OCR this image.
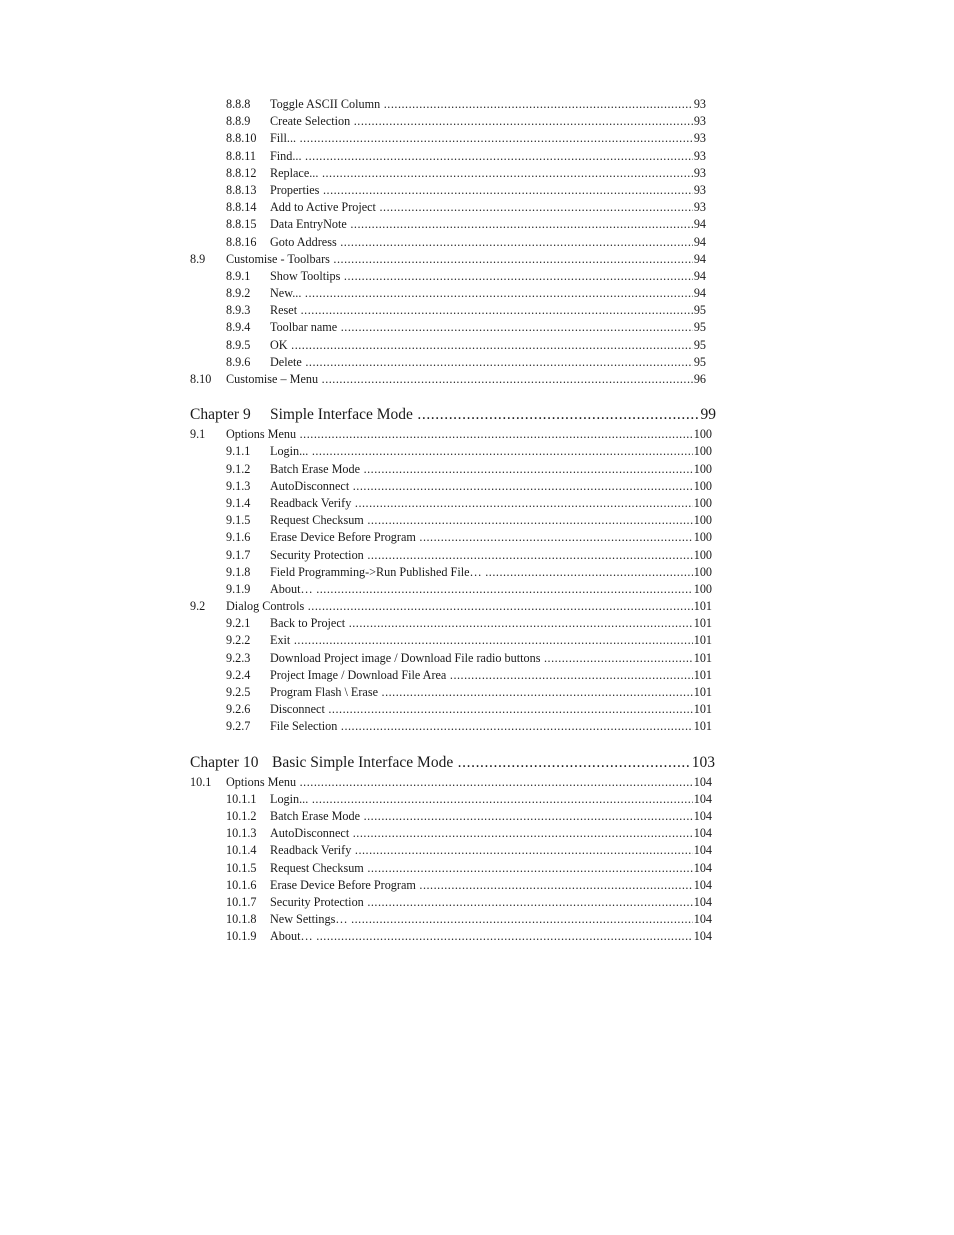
8.8.8 Toggle ASCII Column .....	93
8.8.9 Create Selection .....	93
8.8.10 Fill... .....	93
8.8.11 Find... .....	93
8.8.12 Replace... .....	93
8.8.13 Properties .....	93
8.8.14 Add to Active Project .....	93
8.8.15 Data EntryNote .....	94
8.8.16 Goto Address .....	94
8.9 Customise - Toolbars .....	94
8.9.1 Show Tooltips .....	94
8.9.2 New... .....	94
8.9.3 Reset .....	95
8.9.4 Toolbar name .....	95
8.9.5 OK .....	95
8.9.6 Delete .....	95
8.10 Customise – Menu .....	96
Chapter 9 Simple Interface Mode .....	99
9.1 Options Menu .....	100
9.1.1 Login... .....	100
9.1.2 Batch Erase Mode .....	100
9.1.3 AutoDisconnect .....	100
9.1.4 Readback Verify .....	100
9.1.5 Request Checksum .....	100
9.1.6 Erase Device Before Program .....	100
9.1.7 Security Protection .....	100
9.1.8 Field Programming->Run Published File… .....	100
9.1.9 About… .....	100
9.2 Dialog Controls .....	101
9.2.1 Back to Project .....	101
9.2.2 Exit .....	101
9.2.3 Download Project image / Download File radio buttons .....	101
9.2.4 Project Image / Download File Area .....	101
9.2.5 Program Flash \ Erase .....	101
9.2.6 Disconnect .....	101
9.2.7 File Selection .....	101
Chapter 10 Basic Simple Interface Mode .....	103
10.1 Options Menu .....	104
10.1.1 Login... .....	104
10.1.2 Batch Erase Mode .....	104
10.1.3 AutoDisconnect .....	104
10.1.4 Readback Verify .....	104
10.1.5 Request Checksum .....	104
10.1.6 Erase Device Before Program .....	104
10.1.7 Security Protection .....	104
10.1.8 New Settings… .....	104
10.1.9 About… .....	104
